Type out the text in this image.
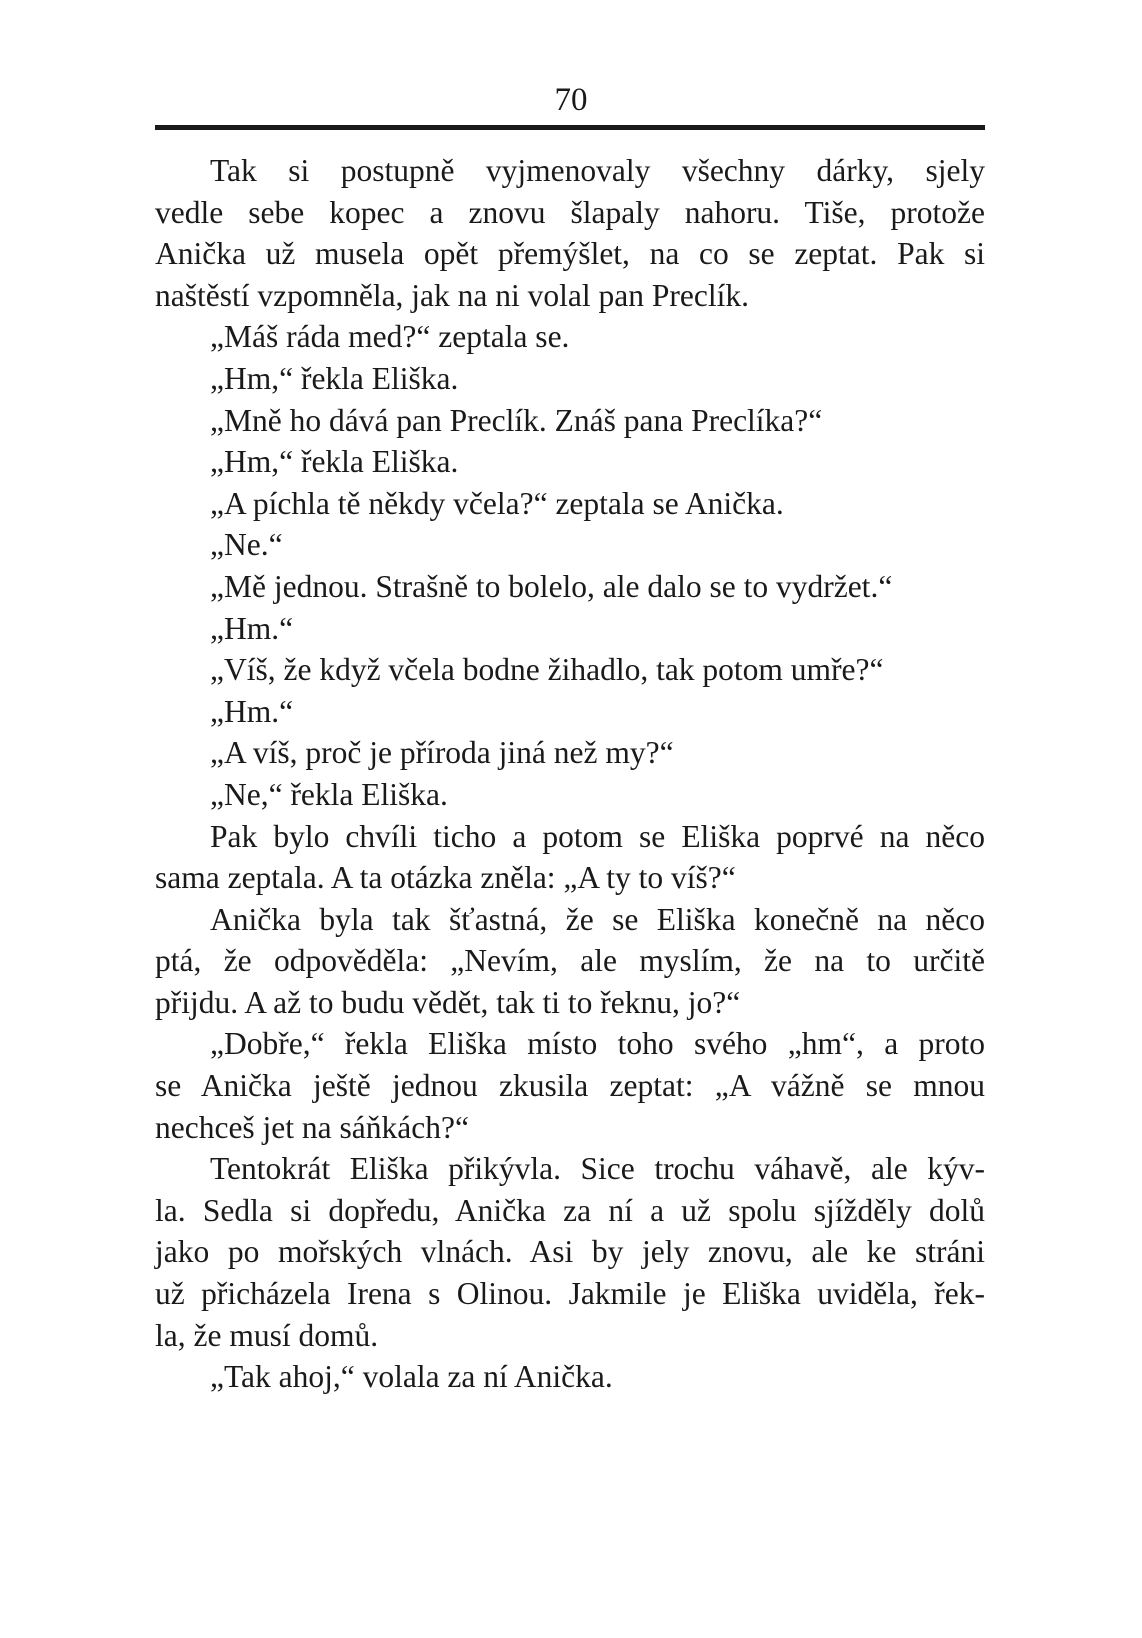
70
Tak si postupně vyjmenovaly všechny dárky, sjely
vedle sebe kopec a znovu šlapaly nahoru. Tiše, protože
Anička už musela opět přemýšlet, na co se zeptat. Pak si
naštěstí vzpomněla, jak na ni volal pan Preclík.
„Máš ráda med?“ zeptala se.
„Hm,“ řekla Eliška.
„Mně ho dává pan Preclík. Znáš pana Preclíka?“
„Hm,“ řekla Eliška.
„A píchla tě někdy včela?“ zeptala se Anička.
„Ne.“
„Mě jednou. Strašně to bolelo, ale dalo se to vydržet.“
„Hm.“
„Víš, že když včela bodne žihadlo, tak potom umře?“
„Hm.“
„A víš, proč je příroda jiná než my?“
„Ne,“ řekla Eliška.
Pak bylo chvíli ticho a potom se Eliška poprvé na něco
sama zeptala. A ta otázka zněla: „A ty to víš?“
Anička byla tak šťastná, že se Eliška konečně na něco
ptá, že odpověděla: „Nevím, ale myslím, že na to určitě
přijdu. A až to budu vědět, tak ti to řeknu, jo?“
„Dobře,“ řekla Eliška místo toho svého „hm“, a proto
se Anička ještě jednou zkusila zeptat: „A vážně se mnou
nechceš jet na sáňkách?“
Tentokrát Eliška přikývla. Sice trochu váhavě, ale kýv-
la. Sedla si dopředu, Anička za ní a už spolu sjížděly dolů
jako po mořských vlnách. Asi by jely znovu, ale ke stráni
už přicházela Irena s Olinou. Jakmile je Eliška uviděla, řek-
la, že musí domů.
„Tak ahoj,“ volala za ní Anička.
